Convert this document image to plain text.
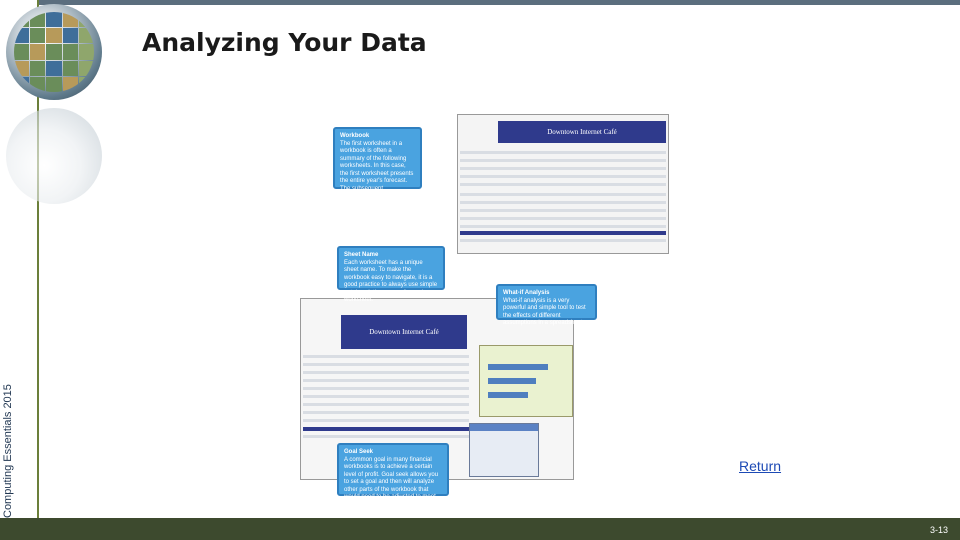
Computing Essentials 2015
Analyzing Your Data
Downtown Internet Café
Downtown Internet Café
Workbook
The first worksheet in a workbook is often a summary of the following worksheets. In this case, the first worksheet presents the entire year's forecast. The subsequent worksheets provide the details.
Sheet Name
Each worksheet has a unique sheet name. To make the workbook easy to navigate, it is a good practice to always use simple yet descriptive names for each worksheet.
What-if Analysis
What-if analysis is a very powerful and simple tool to test the effects of different assumptions in a spreadsheet.
Goal Seek
A common goal in many financial workbooks is to achieve a certain level of profit. Goal seek allows you to set a goal and then will analyze other parts of the workbook that would need to be adjusted to meet that goal.
Return
3-13
